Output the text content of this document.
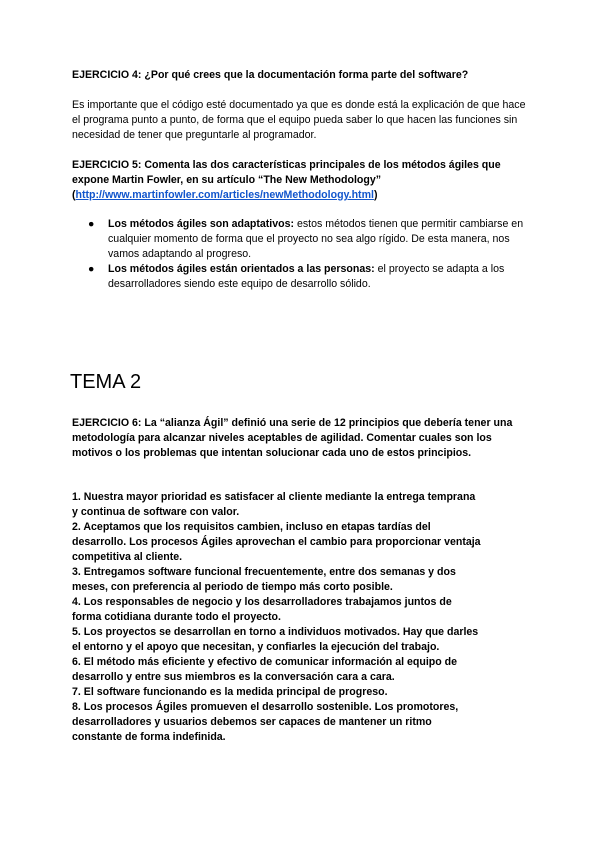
EJERCICIO 4: ¿Por qué crees que la documentación forma parte del software?
Es importante que el código esté documentado ya que es donde está la explicación de que hace el programa punto a punto, de forma que el equipo pueda saber lo que hacen las funciones sin necesidad de tener que preguntarle al programador.
EJERCICIO 5: Comenta las dos características principales de los métodos ágiles que expone Martin Fowler, en su artículo “The New Methodology”
(http://www.martinfowler.com/articles/newMethodology.html)
● Los métodos ágiles son adaptativos: estos métodos tienen que permitir cambiarse en cualquier momento de forma que el proyecto no sea algo rígido. De esta manera, nos vamos adaptando al progreso.
● Los métodos ágiles están orientados a las personas: el proyecto se adapta a los desarrolladores siendo este equipo de desarrollo sólido.
TEMA 2
EJERCICIO 6: La “alianza Ágil” definió una serie de 12 principios que debería tener una metodología para alcanzar niveles aceptables de agilidad. Comentar cuales son los motivos o los problemas que intentan solucionar cada uno de estos principios.
1. Nuestra mayor prioridad es satisfacer al cliente mediante la entrega temprana y continua de software con valor.
2. Aceptamos que los requisitos cambien, incluso en etapas tardías del desarrollo. Los procesos Ágiles aprovechan el cambio para proporcionar ventaja competitiva al cliente.
3. Entregamos software funcional frecuentemente, entre dos semanas y dos meses, con preferencia al periodo de tiempo más corto posible.
4. Los responsables de negocio y los desarrolladores trabajamos juntos de forma cotidiana durante todo el proyecto.
5. Los proyectos se desarrollan en torno a individuos motivados. Hay que darles el entorno y el apoyo que necesitan, y confiarles la ejecución del trabajo.
6. El método más eficiente y efectivo de comunicar información al equipo de desarrollo y entre sus miembros es la conversación cara a cara.
7. El software funcionando es la medida principal de progreso.
8. Los procesos Ágiles promueven el desarrollo sostenible. Los promotores, desarrolladores y usuarios debemos ser capaces de mantener un ritmo constante de forma indefinida.
